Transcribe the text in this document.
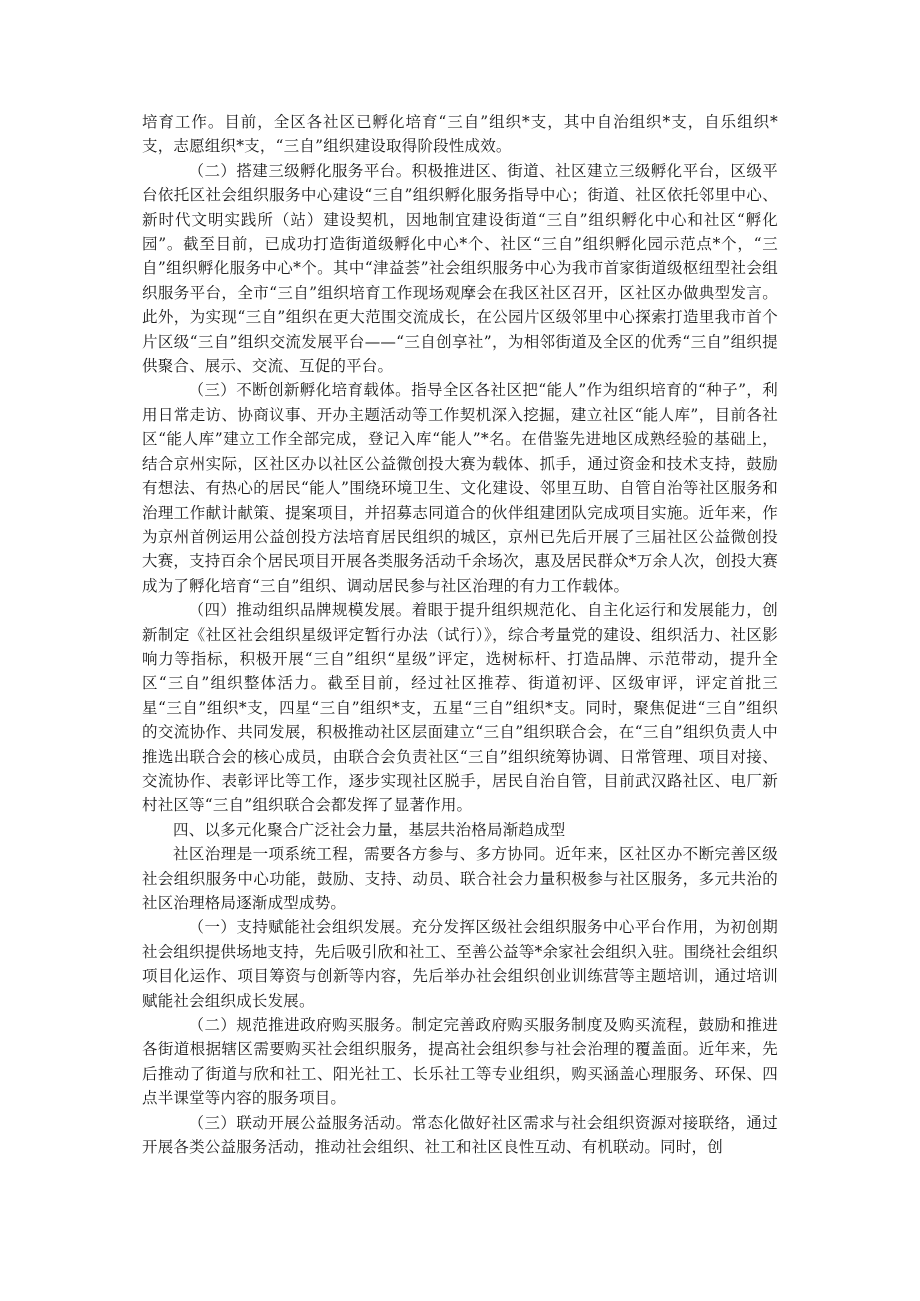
培育工作。目前，全区各社区已孵化培育“三自”组织*支，其中自治组织*支，自乐组织*支，志愿组织*支，“三自”组织建设取得阶段性成效。

（二）搭建三级孵化服务平台。积极推进区、街道、社区建立三级孵化平台，区级平台依托区社会组织服务中心建设“三自”组织孵化服务指导中心；街道、社区依托邻里中心、新时代文明实践所（站）建设契机，因地制宜建设街道“三自”组织孵化中心和社区“孵化园”。截至目前，已成功打造街道级孵化中心*个、社区“三自”组织孵化园示范点*个，“三自”组织孵化服务中心*个。其中“津益荟”社会组织服务中心为我市首家街道级枢纽型社会组织服务平台，全市“三自”组织培育工作现场观摩会在我区社区召开，区社区办做典型发言。此外，为实现“三自”组织在更大范围交流成长，在公园片区级邻里中心探索打造里我市首个片区级“三自”组织交流发展平台——“三自创享社”，为相邻街道及全区的优秀“三自”组织提供聚合、展示、交流、互促的平台。

（三）不断创新孵化培育载体。指导全区各社区把“能人”作为组织培育的“种子”，利用日常走访、协商议事、开办主题活动等工作契机深入挖掘，建立社区“能人库”，目前各社区“能人库”建立工作全部完成，登记入库“能人”*名。在借鉴先进地区成熟经验的基础上，结合京州实际，区社区办以社区公益微创投大赛为载体、抓手，通过资金和技术支持，鼓励有想法、有热心的居民“能人”围绕环境卫生、文化建设、邻里互助、自管自治等社区服务和治理工作献计献策、提案项目，并招募志同道合的伙伴组建团队完成项目实施。近年来，作为京州首例运用公益创投方法培育居民组织的城区，京州已先后开展了三届社区公益微创投大赛，支持百余个居民项目开展各类服务活动千余场次，惠及居民群众*万余人次，创投大赛成为了孵化培育“三自”组织、调动居民参与社区治理的有力工作载体。

（四）推动组织品牌规模发展。着眼于提升组织规范化、自主化运行和发展能力，创新制定《社区社会组织星级评定暂行办法（试行）》，综合考量党的建设、组织活力、社区影响力等指标，积极开展“三自”组织“星级”评定，选树标杆、打造品牌、示范带动，提升全区“三自”组织整体活力。截至目前，经过社区推荐、街道初评、区级审评，评定首批三星“三自”组织*支，四星“三自”组织*支，五星“三自”组织*支。同时，聚焦促进“三自”组织的交流协作、共同发展，积极推动社区层面建立“三自”组织联合会，在“三自”组织负责人中推选出联合会的核心成员，由联合会负责社区“三自”组织统筹协调、日常管理、项目对接、交流协作、表彰评比等工作，逐步实现社区脱手，居民自治自管，目前武汉路社区、电厂新村社区等“三自”组织联合会都发挥了显著作用。

四、以多元化聚合广泛社会力量，基层共治格局渐趋成型

社区治理是一项系统工程，需要各方参与、多方协同。近年来，区社区办不断完善区级社会组织服务中心功能，鼓励、支持、动员、联合社会力量积极参与社区服务，多元共治的社区治理格局逐渐成型成势。

（一）支持赋能社会组织发展。充分发挥区级社会组织服务中心平台作用，为初创期社会组织提供场地支持，先后吸引欣和社工、至善公益等*余家社会组织入驻。围绕社会组织项目化运作、项目筹资与创新等内容，先后举办社会组织创业训练营等主题培训，通过培训赋能社会组织成长发展。

（二）规范推进政府购买服务。制定完善政府购买服务制度及购买流程，鼓励和推进各街道根据辖区需要购买社会组织服务，提高社会组织参与社会治理的覆盖面。近年来，先后推动了街道与欣和社工、阳光社工、长乐社工等专业组织，购买涵盖心理服务、环保、四点半课堂等内容的服务项目。

（三）联动开展公益服务活动。常态化做好社区需求与社会组织资源对接联络，通过开展各类公益服务活动，推动社会组织、社工和社区良性互动、有机联动。同时，创
